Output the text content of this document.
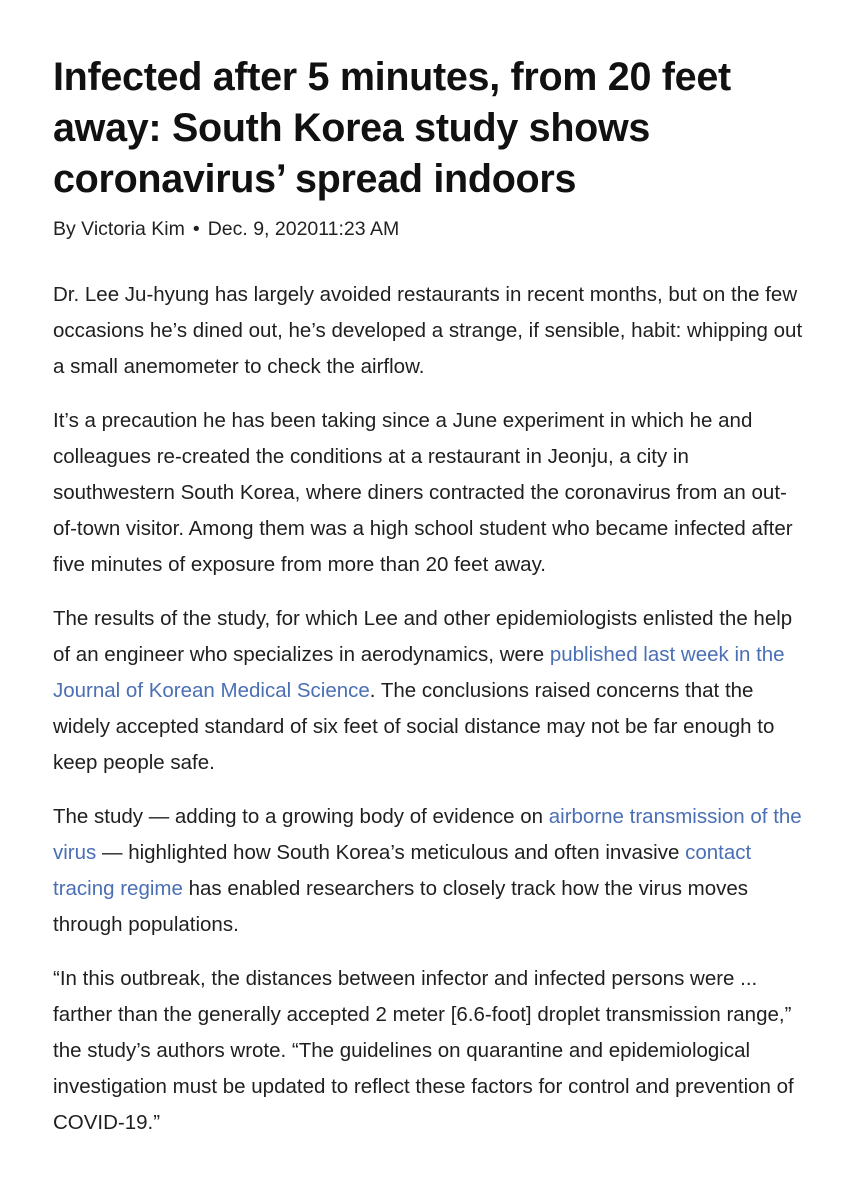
Infected after 5 minutes, from 20 feet away: South Korea study shows coronavirus’ spread indoors
By Victoria Kim • Dec. 9, 202011:23 AM

Dr. Lee Ju-hyung has largely avoided restaurants in recent months, but on the few occasions he’s dined out, he’s developed a strange, if sensible, habit: whipping out a small anemometer to check the airflow.

It’s a precaution he has been taking since a June experiment in which he and colleagues re-created the conditions at a restaurant in Jeonju, a city in southwestern South Korea, where diners contracted the coronavirus from an out-of-town visitor. Among them was a high school student who became infected after five minutes of exposure from more than 20 feet away.

The results of the study, for which Lee and other epidemiologists enlisted the help of an engineer who specializes in aerodynamics, were published last week in the Journal of Korean Medical Science. The conclusions raised concerns that the widely accepted standard of six feet of social distance may not be far enough to keep people safe.

The study — adding to a growing body of evidence on airborne transmission of the virus — highlighted how South Korea’s meticulous and often invasive contact tracing regime has enabled researchers to closely track how the virus moves through populations.

“In this outbreak, the distances between infector and infected persons were ... farther than the generally accepted 2 meter [6.6-foot] droplet transmission range,” the study’s authors wrote. “The guidelines on quarantine and epidemiological investigation must be updated to reflect these factors for control and prevention of COVID-19.”
